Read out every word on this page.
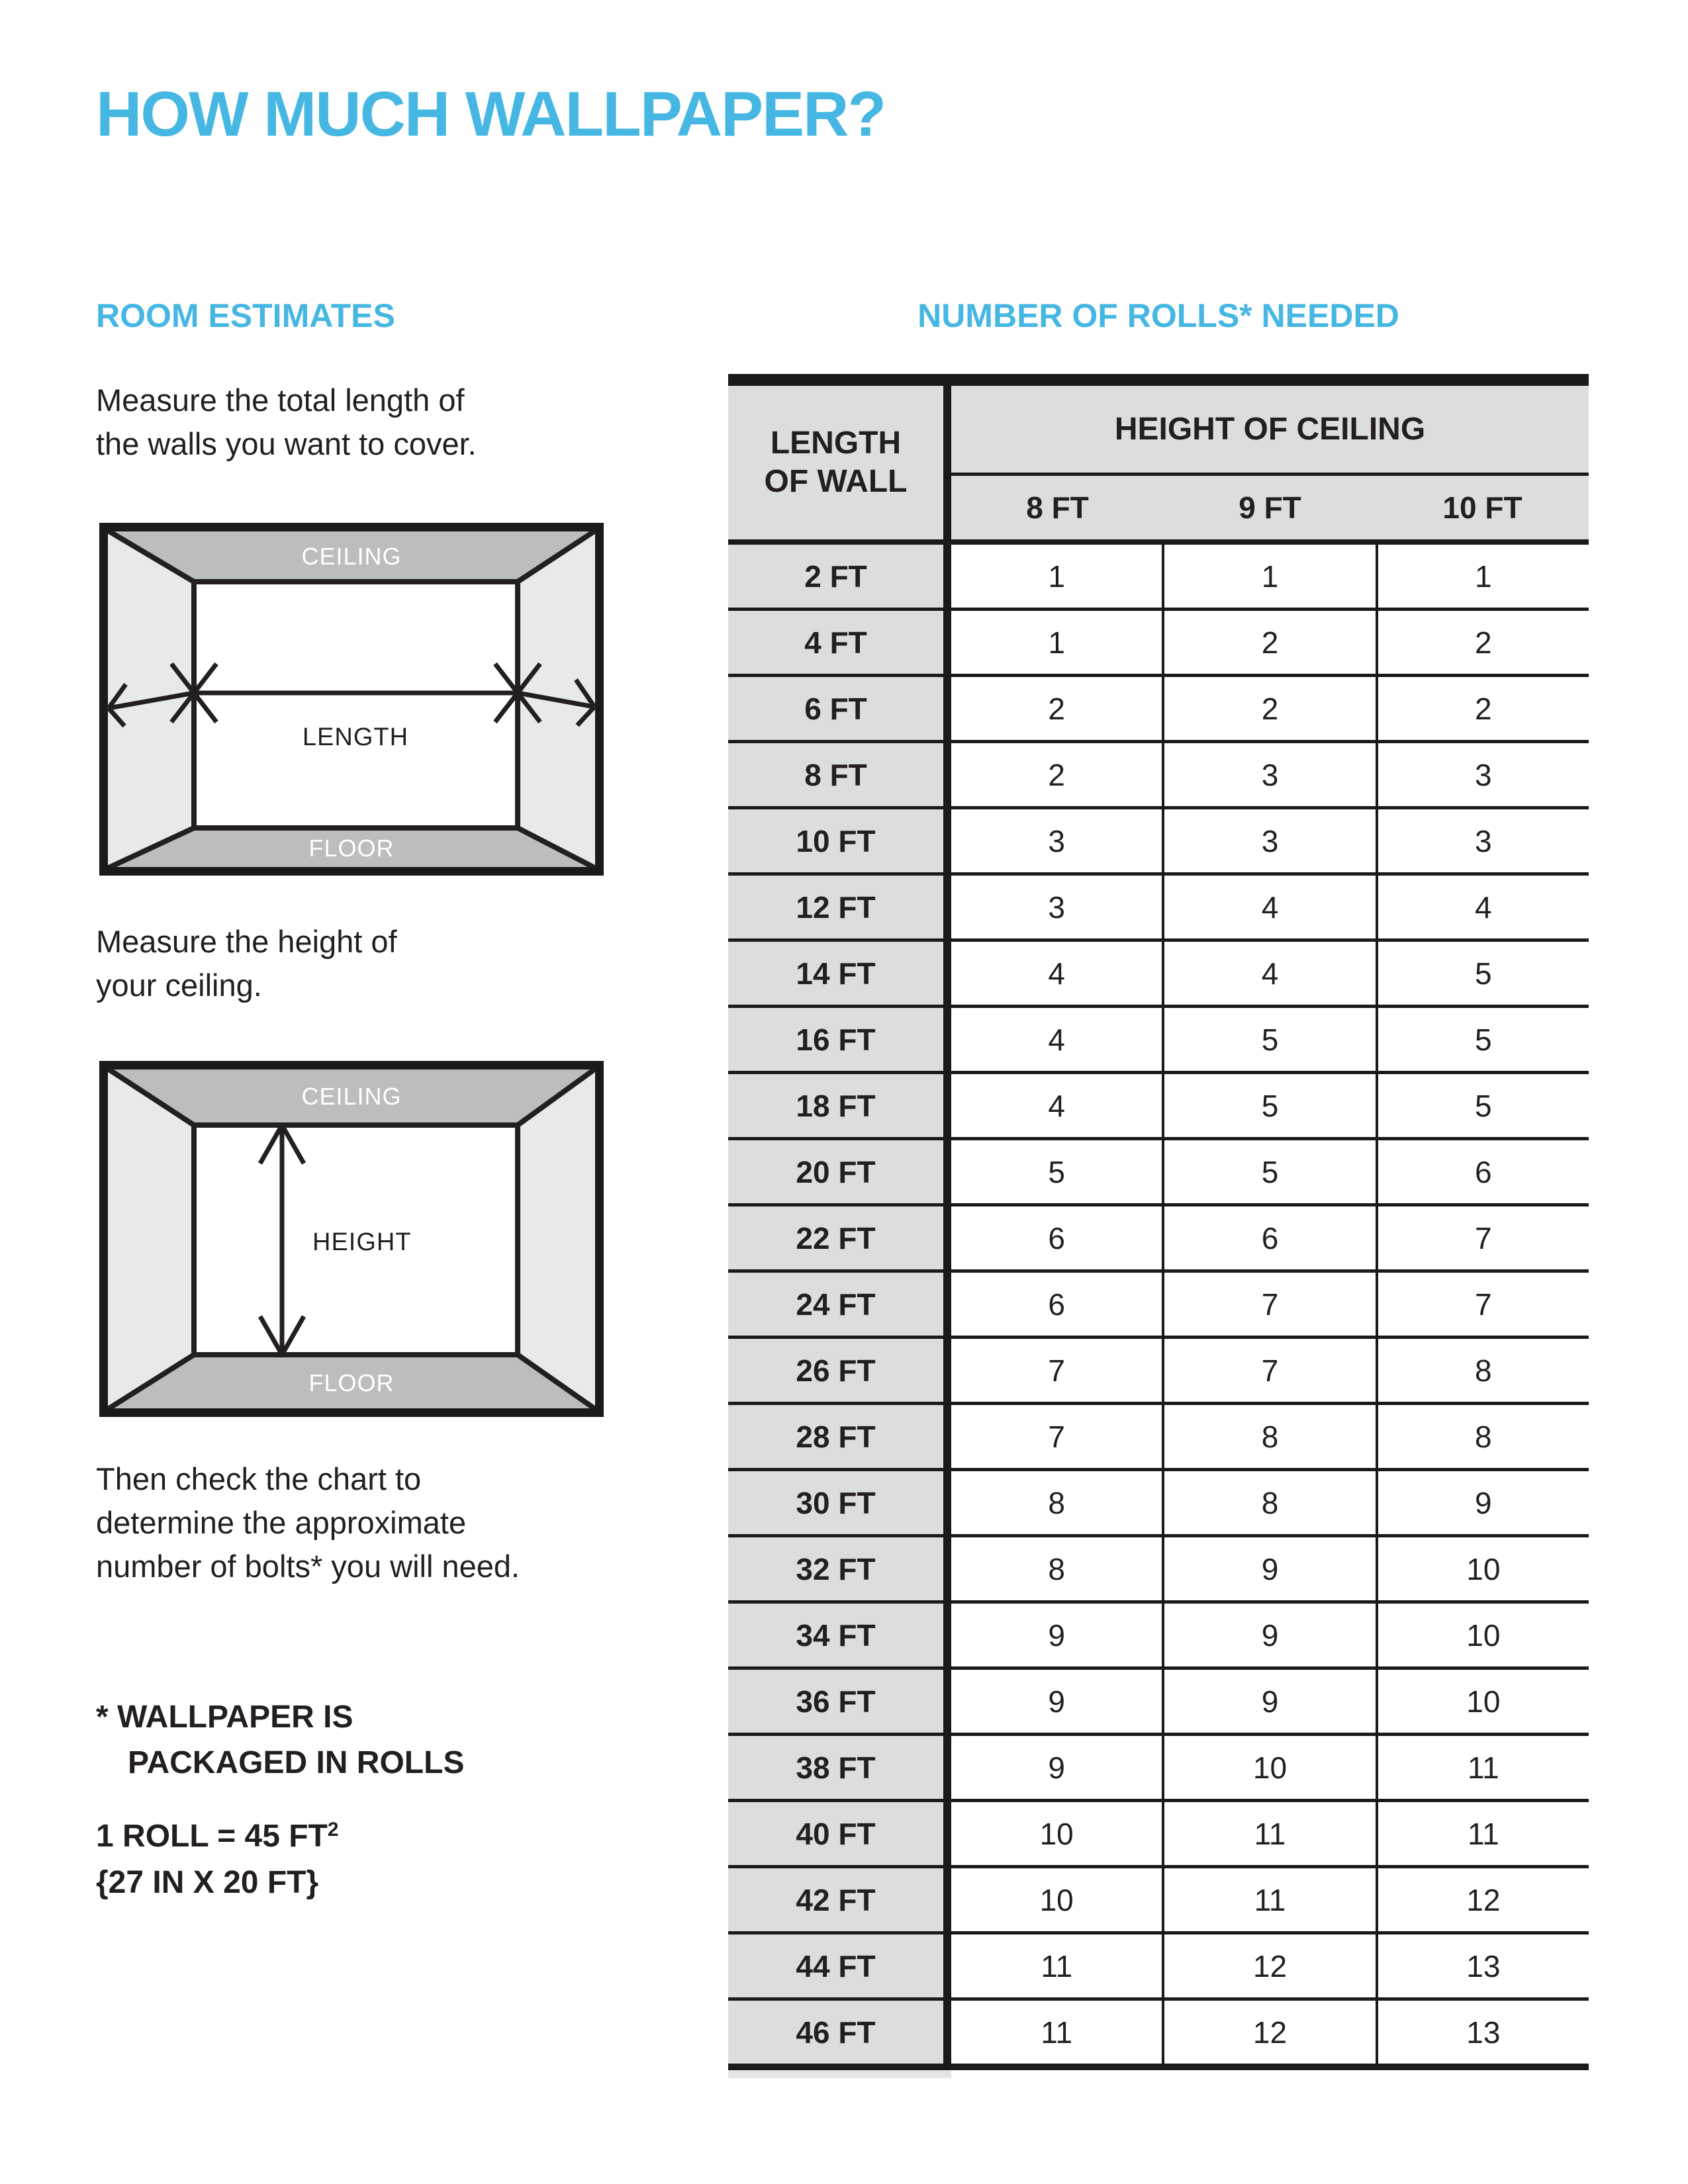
HOW MUCH WALLPAPER?
ROOM ESTIMATES	NUMBER OF ROLLS* NEEDED
Measure the total length of
the walls you want to cover.
CEILING
FLOOR
LENGTH
Measure the height of
your ceiling.
CEILING
FLOOR
HEIGHT
Then check the chart to
determine the approximate
number of bolts* you will need.
* WALLPAPER IS
PACKAGED IN ROLLS
1 ROLL = 45 $FT^2$
{27 IN X 20 FT}
LENGTH
OF WALL
HEIGHT OF CEILING
8 FT	9 FT	10 FT
2 FT	1	1	1
4 FT	1	2	2
6 FT	2	2	2
8 FT	2	3	3
10 FT	3	3	3
12 FT	3	4	4
14 FT	4	4	5
16 FT	4	5	5
18 FT	4	5	5
20 FT	5	5	6
22 FT	6	6	7
24 FT	6	7	7
26 FT	7	7	8
28 FT	7	8	8
30 FT	8	8	9
32 FT	8	9	10
34 FT	9	9	10
36 FT	9	9	10
38 FT	9	10	11
40 FT	10	11	11
42 FT	10	11	12
44 FT	11	12	13
46 FT	11	12	13
